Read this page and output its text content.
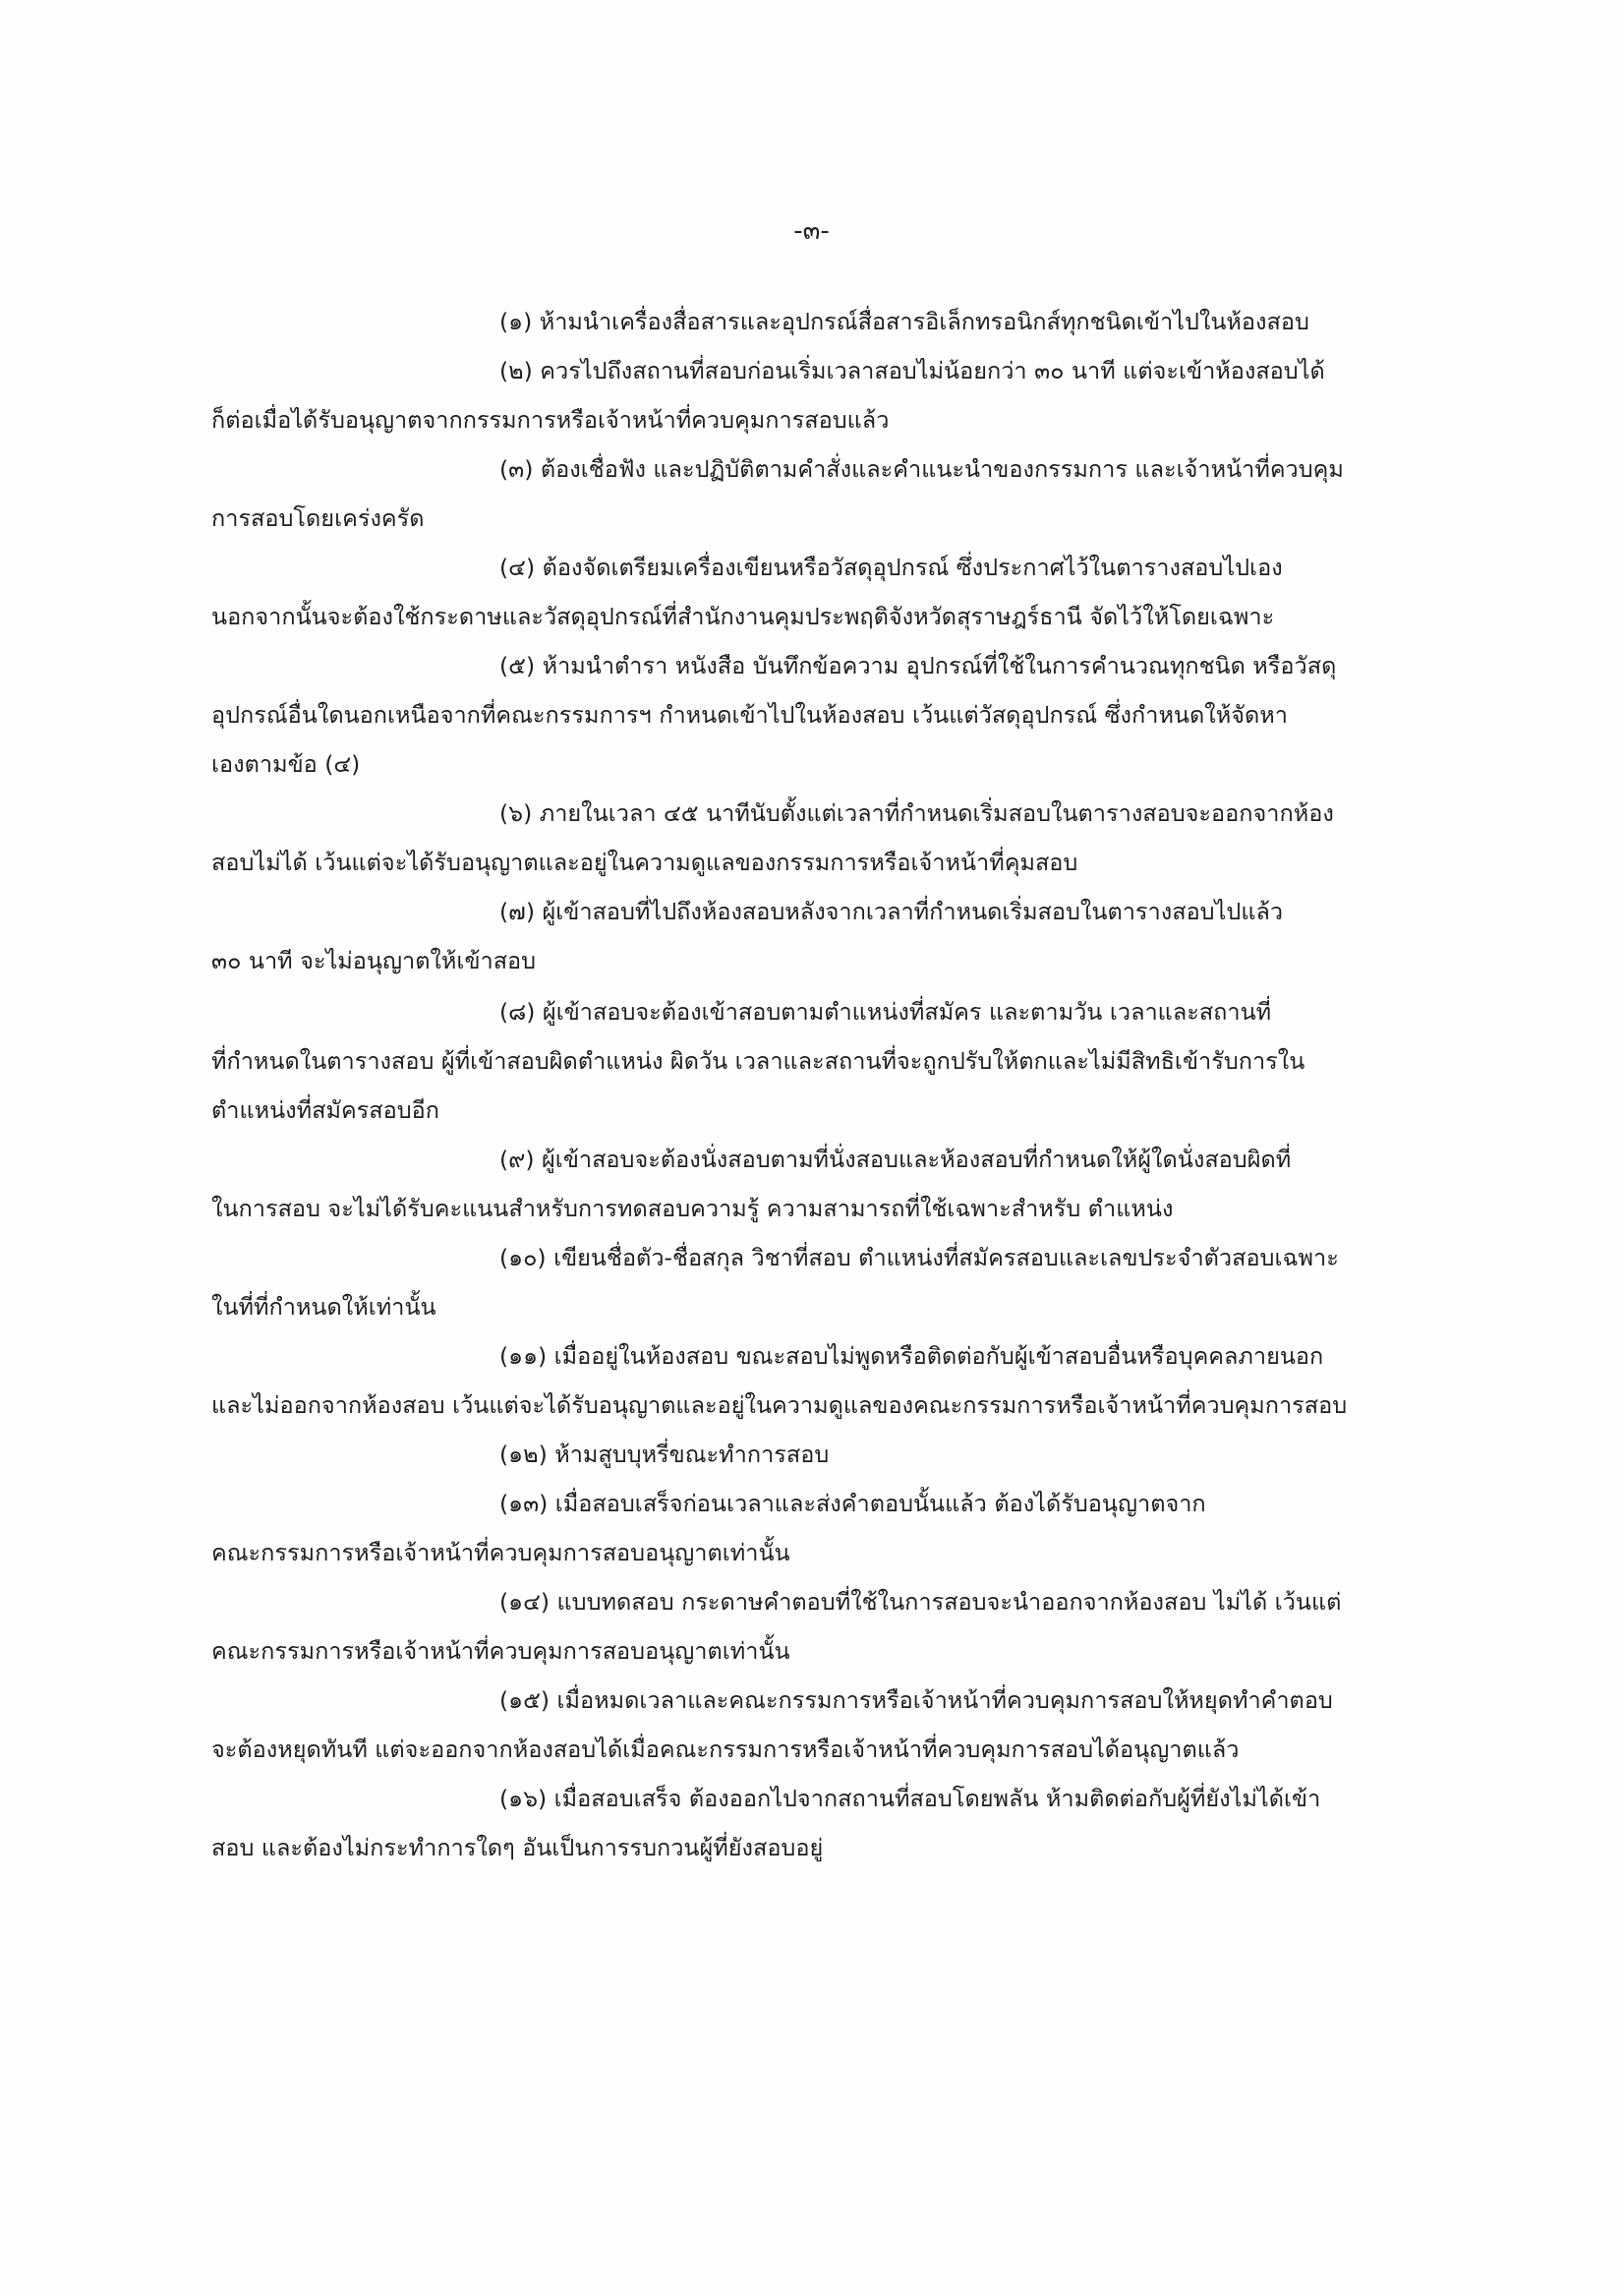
-๓-
(๑) ห้ามนำเครื่องสื่อสารและอุปกรณ์สื่อสารอิเล็กทรอนิกส์ทุกชนิดเข้าไปในห้องสอบ
(๒) ควรไปถึงสถานที่สอบก่อนเริ่มเวลาสอบไม่น้อยกว่า ๓๐ นาที แต่จะเข้าห้องสอบได้
ก็ต่อเมื่อได้รับอนุญาตจากกรรมการหรือเจ้าหน้าที่ควบคุมการสอบแล้ว
(๓) ต้องเชื่อฟัง และปฏิบัติตามคำสั่งและคำแนะนำของกรรมการ และเจ้าหน้าที่ควบคุม
การสอบโดยเคร่งครัด
(๔) ต้องจัดเตรียมเครื่องเขียนหรือวัสดุอุปกรณ์ ซึ่งประกาศไว้ในตารางสอบไปเอง
นอกจากนั้นจะต้องใช้กระดาษและวัสดุอุปกรณ์ที่สำนักงานคุมประพฤติจังหวัดสุราษฎร์ธานี จัดไว้ให้โดยเฉพาะ
(๕) ห้ามนำตำรา หนังสือ บันทึกข้อความ อุปกรณ์ที่ใช้ในการคำนวณทุกชนิด หรือวัสดุ
อุปกรณ์อื่นใดนอกเหนือจากที่คณะกรรมการฯ กำหนดเข้าไปในห้องสอบ เว้นแต่วัสดุอุปกรณ์ ซึ่งกำหนดให้จัดหา
เองตามข้อ (๔)
(๖) ภายในเวลา ๔๕ นาทีนับตั้งแต่เวลาที่กำหนดเริ่มสอบในตารางสอบจะออกจากห้อง
สอบไม่ได้ เว้นแต่จะได้รับอนุญาตและอยู่ในความดูแลของกรรมการหรือเจ้าหน้าที่คุมสอบ
(๗) ผู้เข้าสอบที่ไปถึงห้องสอบหลังจากเวลาที่กำหนดเริ่มสอบในตารางสอบไปแล้ว
๓๐ นาที จะไม่อนุญาตให้เข้าสอบ
(๘) ผู้เข้าสอบจะต้องเข้าสอบตามตำแหน่งที่สมัคร และตามวัน เวลาและสถานที่
ที่กำหนดในตารางสอบ ผู้ที่เข้าสอบผิดตำแหน่ง ผิดวัน เวลาและสถานที่จะถูกปรับให้ตกและไม่มีสิทธิเข้ารับการใน
ตำแหน่งที่สมัครสอบอีก
(๙) ผู้เข้าสอบจะต้องนั่งสอบตามที่นั่งสอบและห้องสอบที่กำหนดให้ผู้ใดนั่งสอบผิดที่
ในการสอบ จะไม่ได้รับคะแนนสำหรับการทดสอบความรู้ ความสามารถที่ใช้เฉพาะสำหรับ ตำแหน่ง
(๑๐) เขียนชื่อตัว-ชื่อสกุล วิชาที่สอบ ตำแหน่งที่สมัครสอบและเลขประจำตัวสอบเฉพาะ
ในที่ที่กำหนดให้เท่านั้น
(๑๑) เมื่ออยู่ในห้องสอบ ขณะสอบไม่พูดหรือติดต่อกับผู้เข้าสอบอื่นหรือบุคคลภายนอก
และไม่ออกจากห้องสอบ เว้นแต่จะได้รับอนุญาตและอยู่ในความดูแลของคณะกรรมการหรือเจ้าหน้าที่ควบคุมการสอบ
(๑๒) ห้ามสูบบุหรี่ขณะทำการสอบ
(๑๓) เมื่อสอบเสร็จก่อนเวลาและส่งคำตอบนั้นแล้ว ต้องได้รับอนุญาตจาก
คณะกรรมการหรือเจ้าหน้าที่ควบคุมการสอบอนุญาตเท่านั้น
(๑๔) แบบทดสอบ กระดาษคำตอบที่ใช้ในการสอบจะนำออกจากห้องสอบ ไม่ได้ เว้นแต่
คณะกรรมการหรือเจ้าหน้าที่ควบคุมการสอบอนุญาตเท่านั้น
(๑๕) เมื่อหมดเวลาและคณะกรรมการหรือเจ้าหน้าที่ควบคุมการสอบให้หยุดทำคำตอบ
จะต้องหยุดทันที แต่จะออกจากห้องสอบได้เมื่อคณะกรรมการหรือเจ้าหน้าที่ควบคุมการสอบได้อนุญาตแล้ว
(๑๖) เมื่อสอบเสร็จ ต้องออกไปจากสถานที่สอบโดยพลัน ห้ามติดต่อกับผู้ที่ยังไม่ได้เข้า
สอบ และต้องไม่กระทำการใดๆ อันเป็นการรบกวนผู้ที่ยังสอบอยู่
